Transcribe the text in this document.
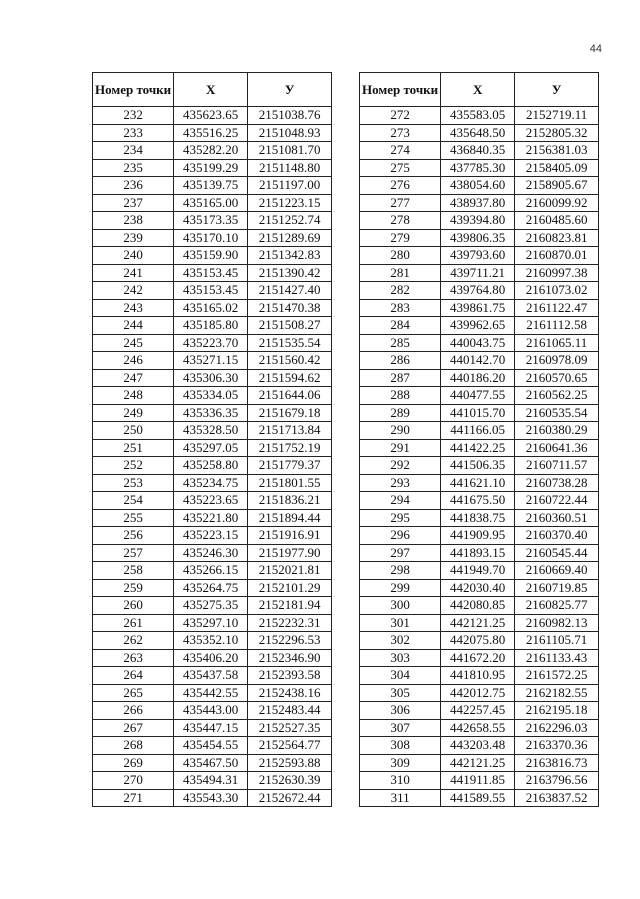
44
Номер точки	Х	У
232	435623.65	2151038.76
233	435516.25	2151048.93
234	435282.20	2151081.70
235	435199.29	2151148.80
236	435139.75	2151197.00
237	435165.00	2151223.15
238	435173.35	2151252.74
239	435170.10	2151289.69
240	435159.90	2151342.83
241	435153.45	2151390.42
242	435153.45	2151427.40
243	435165.02	2151470.38
244	435185.80	2151508.27
245	435223.70	2151535.54
246	435271.15	2151560.42
247	435306.30	2151594.62
248	435334.05	2151644.06
249	435336.35	2151679.18
250	435328.50	2151713.84
251	435297.05	2151752.19
252	435258.80	2151779.37
253	435234.75	2151801.55
254	435223.65	2151836.21
255	435221.80	2151894.44
256	435223.15	2151916.91
257	435246.30	2151977.90
258	435266.15	2152021.81
259	435264.75	2152101.29
260	435275.35	2152181.94
261	435297.10	2152232.31
262	435352.10	2152296.53
263	435406.20	2152346.90
264	435437.58	2152393.58
265	435442.55	2152438.16
266	435443.00	2152483.44
267	435447.15	2152527.35
268	435454.55	2152564.77
269	435467.50	2152593.88
270	435494.31	2152630.39
271	435543.30	2152672.44
Номер точки	Х	У
272	435583.05	2152719.11
273	435648.50	2152805.32
274	436840.35	2156381.03
275	437785.30	2158405.09
276	438054.60	2158905.67
277	438937.80	2160099.92
278	439394.80	2160485.60
279	439806.35	2160823.81
280	439793.60	2160870.01
281	439711.21	2160997.38
282	439764.80	2161073.02
283	439861.75	2161122.47
284	439962.65	2161112.58
285	440043.75	2161065.11
286	440142.70	2160978.09
287	440186.20	2160570.65
288	440477.55	2160562.25
289	441015.70	2160535.54
290	441166.05	2160380.29
291	441422.25	2160641.36
292	441506.35	2160711.57
293	441621.10	2160738.28
294	441675.50	2160722.44
295	441838.75	2160360.51
296	441909.95	2160370.40
297	441893.15	2160545.44
298	441949.70	2160669.40
299	442030.40	2160719.85
300	442080.85	2160825.77
301	442121.25	2160982.13
302	442075.80	2161105.71
303	441672.20	2161133.43
304	441810.95	2161572.25
305	442012.75	2162182.55
306	442257.45	2162195.18
307	442658.55	2162296.03
308	443203.48	2163370.36
309	442121.25	2163816.73
310	441911.85	2163796.56
311	441589.55	2163837.52
